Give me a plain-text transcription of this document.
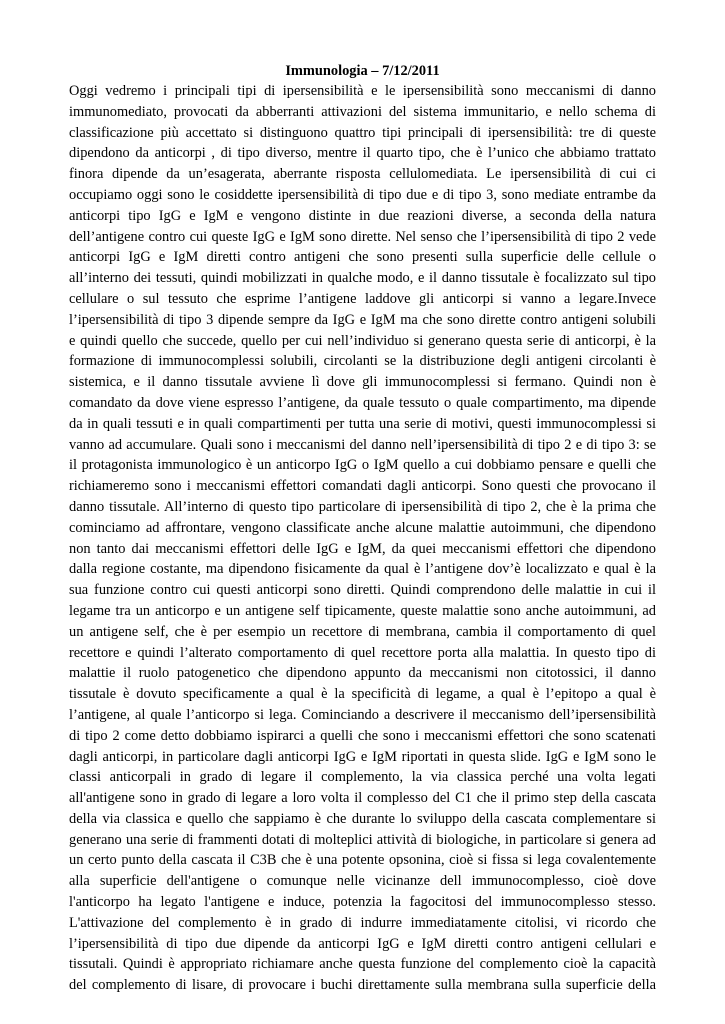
Immunologia – 7/12/2011
Oggi vedremo i principali tipi di ipersensibilità e le ipersensibilità sono meccanismi di danno
immunomediato, provocati da abberranti attivazioni del sistema immunitario, e nello schema di
classificazione più accettato si distinguono quattro tipi principali di ipersensibilità: tre di queste
dipendono da anticorpi , di tipo diverso, mentre il quarto tipo, che è l’unico che abbiamo trattato
finora dipende da un’esagerata, aberrante risposta cellulomediata. Le ipersensibilità di cui ci
occupiamo oggi sono le cosiddette ipersensibilità di tipo due e di tipo 3, sono mediate entrambe da
anticorpi tipo IgG e IgM e vengono distinte in due reazioni diverse, a seconda della natura
dell’antigene contro cui queste IgG e IgM sono dirette. Nel senso che l’ipersensibilità di tipo 2 vede
anticorpi IgG e IgM diretti contro antigeni che sono presenti sulla superficie delle cellule o
all’interno dei tessuti, quindi mobilizzati in qualche modo, e il danno tissutale è focalizzato sul tipo
cellulare o sul tessuto che esprime l’antigene laddove gli anticorpi si vanno a legare.Invece
l’ipersensibilità di tipo 3 dipende sempre da IgG e IgM ma che sono dirette contro antigeni solubili
e quindi quello che succede, quello per cui nell’individuo si generano questa serie di anticorpi, è la
formazione di immunocomplessi solubili, circolanti se la distribuzione degli antigeni circolanti è
sistemica, e il danno tissutale avviene lì dove gli immunocomplessi si fermano. Quindi non è
comandato da dove viene espresso l’antigene, da quale tessuto o quale compartimento, ma dipende
da in quali tessuti e in quali compartimenti per tutta una serie di motivi, questi immunocomplessi si
vanno ad accumulare. Quali sono i meccanismi del danno nell’ipersensibilità di tipo 2 e di tipo 3: se
il protagonista immunologico è un anticorpo IgG o IgM quello a cui dobbiamo pensare e quelli che
richiameremo sono i meccanismi effettori comandati dagli anticorpi. Sono questi che provocano il
danno tissutale. All’interno di questo tipo particolare di ipersensibilità di tipo 2, che è la prima che
cominciamo ad affrontare, vengono classificate anche alcune malattie autoimmuni, che dipendono
non tanto dai meccanismi effettori delle IgG e IgM, da quei meccanismi effettori che dipendono
dalla regione costante, ma dipendono fisicamente da qual è l’antigene dov’è localizzato e qual è la
sua funzione contro cui questi anticorpi sono diretti. Quindi comprendono delle malattie in cui il
legame tra un anticorpo e un antigene self tipicamente, queste malattie sono anche autoimmuni, ad
un antigene self, che è per esempio un recettore di membrana, cambia il comportamento di quel
recettore e quindi l’alterato comportamento di quel recettore porta alla malattia. In questo tipo di
malattie il ruolo patogenetico che dipendono appunto da meccanismi non citotossici, il danno
tissutale è dovuto specificamente a qual è la specificità di legame, a qual è l’epitopo a qual è
l’antigene, al quale l’anticorpo si lega. Cominciando a descrivere il meccanismo dell’ipersensibilità
di tipo 2 come detto dobbiamo ispirarci a quelli che sono i meccanismi effettori che sono scatenati
dagli anticorpi, in particolare dagli anticorpi IgG e IgM riportati in questa slide. IgG e IgM sono le
classi anticorpali in grado di legare il complemento, la via classica perché una volta legati
all'antigene sono in grado di legare a loro volta il complesso del C1 che il primo step della cascata
della via classica e quello che sappiamo è che durante lo sviluppo della cascata complementare si
generano una serie di frammenti dotati di molteplici attività di biologiche, in particolare si genera ad
un certo punto della cascata il C3B che è una potente opsonina, cioè si fissa si lega covalentemente
alla superficie dell'antigene o comunque nelle vicinanze dell immunocomplesso, cioè dove
l'anticorpo ha legato l'antigene e induce, potenzia la fagocitosi del immunocomplesso stesso.
L'attivazione del complemento è in grado di indurre immediatamente citolisi, vi ricordo che
l’ipersensibilità di tipo due dipende da anticorpi IgG e IgM diretti contro antigeni cellulari e
tissutali. Quindi è appropriato richiamare anche questa funzione del complemento cioè la capacità
del complemento di lisare, di provocare i buchi direttamente sulla membrana sulla superficie della
